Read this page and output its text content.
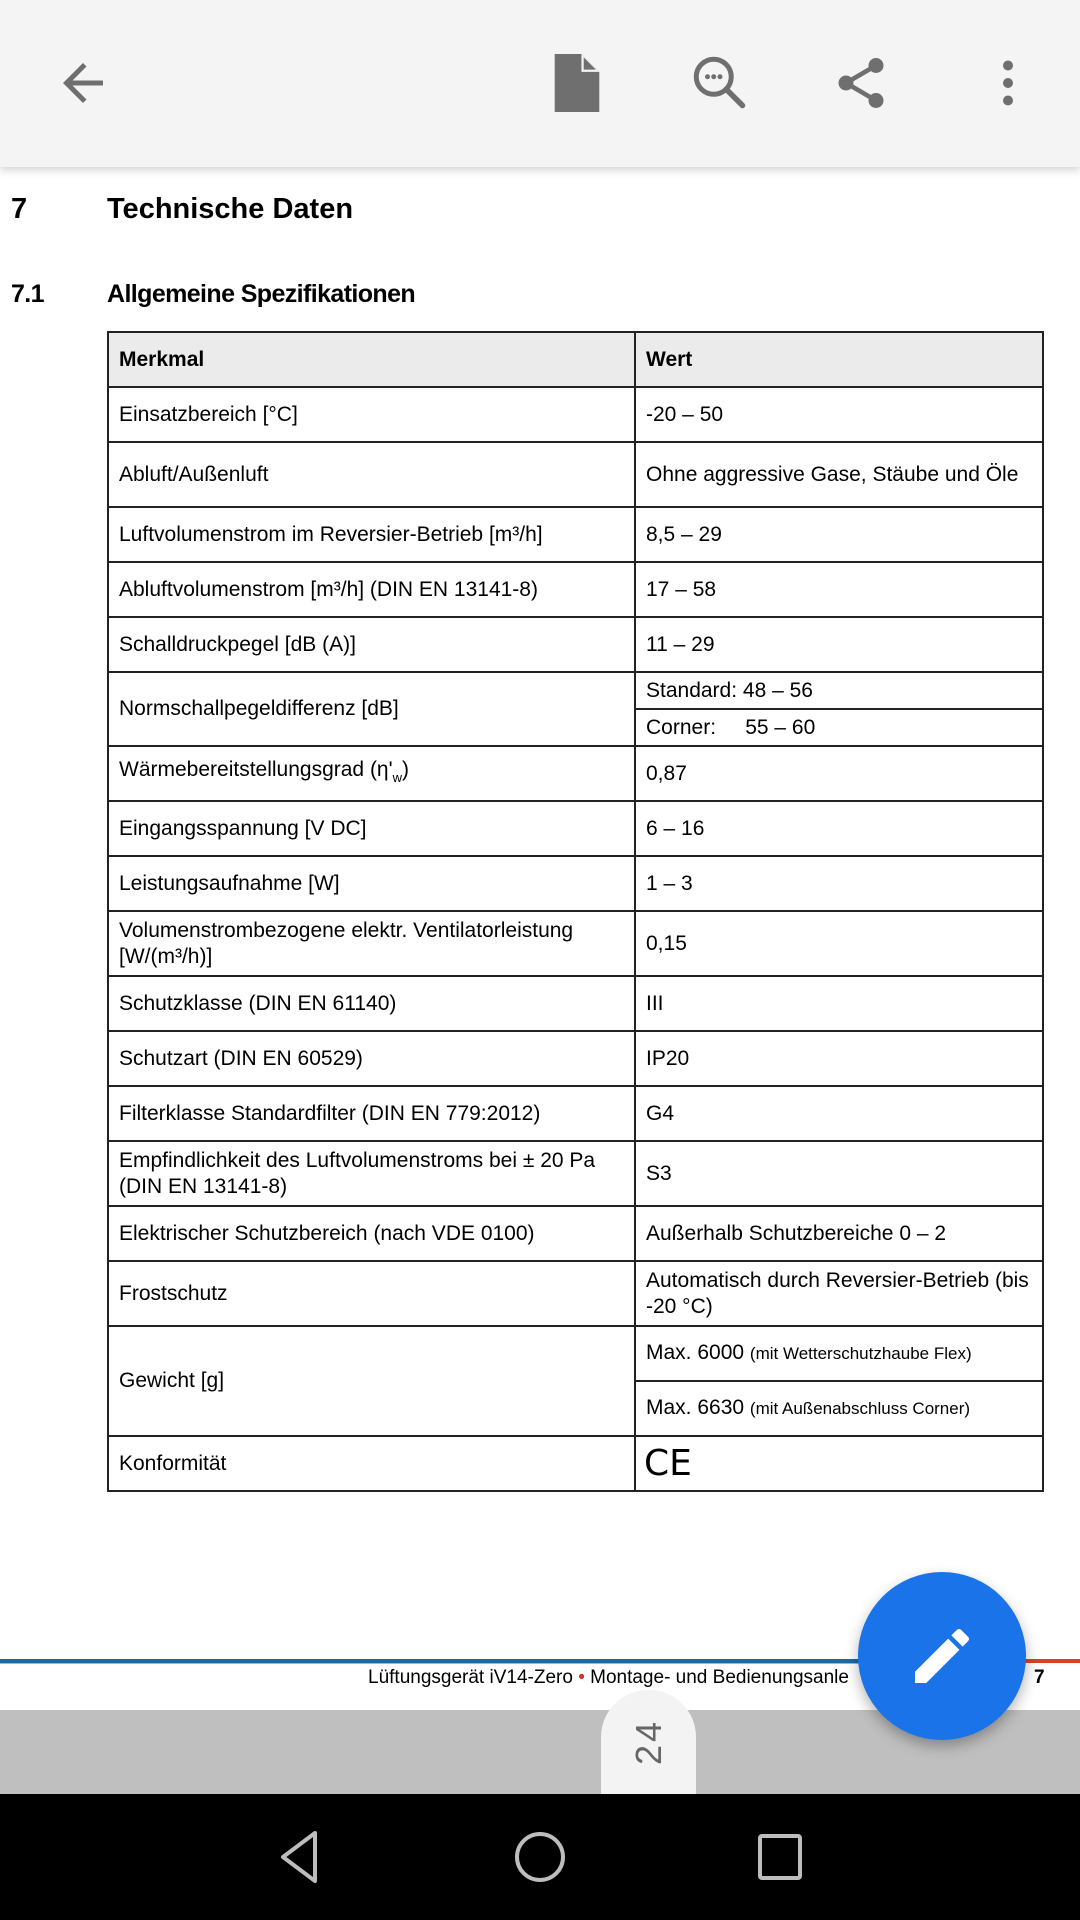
7	Technische Daten
7.1	Allgemeine Spezifikationen
Merkmal	Wert
Einsatzbereich [°C]	-20 – 50
Abluft/Außenluft	Ohne aggressive Gase, Stäube und Öle
Luftvolumenstrom im Reversier-Betrieb [m³/h]	8,5 – 29
Abluftvolumenstrom [m³/h] (DIN EN 13141-8)	17 – 58
Schalldruckpegel [dB (A)]	11 – 29
Normschallpegeldifferenz [dB]	Standard: 48 – 56
	Corner:     55 – 60
Wärmebereitstellungsgrad $(\eta'_w)$	0,87
Eingangsspannung [V DC]	6 – 16
Leistungsaufnahme [W]	1 – 3
Volumenstrombezogene elektr. Ventilatorleistung [W/(m³/h)]	0,15
Schutzklasse (DIN EN 61140)	III
Schutzart (DIN EN 60529)	IP20
Filterklasse Standardfilter (DIN EN 779:2012)	G4
Empfindlichkeit des Luftvolumenstroms bei ± 20 Pa (DIN EN 13141-8)	S3
Elektrischer Schutzbereich (nach VDE 0100)	Außerhalb Schutzbereiche 0 – 2
Frostschutz	Automatisch durch Reversier-Betrieb (bis -20 °C)
Gewicht [g]	Max. 6000 (mit Wetterschutzhaube Flex)
	Max. 6630 (mit Außenabschluss Corner)
Konformität	CE
Lüftungsgerät iV14-Zero • Montage- und Bedienungsanle	7
24
